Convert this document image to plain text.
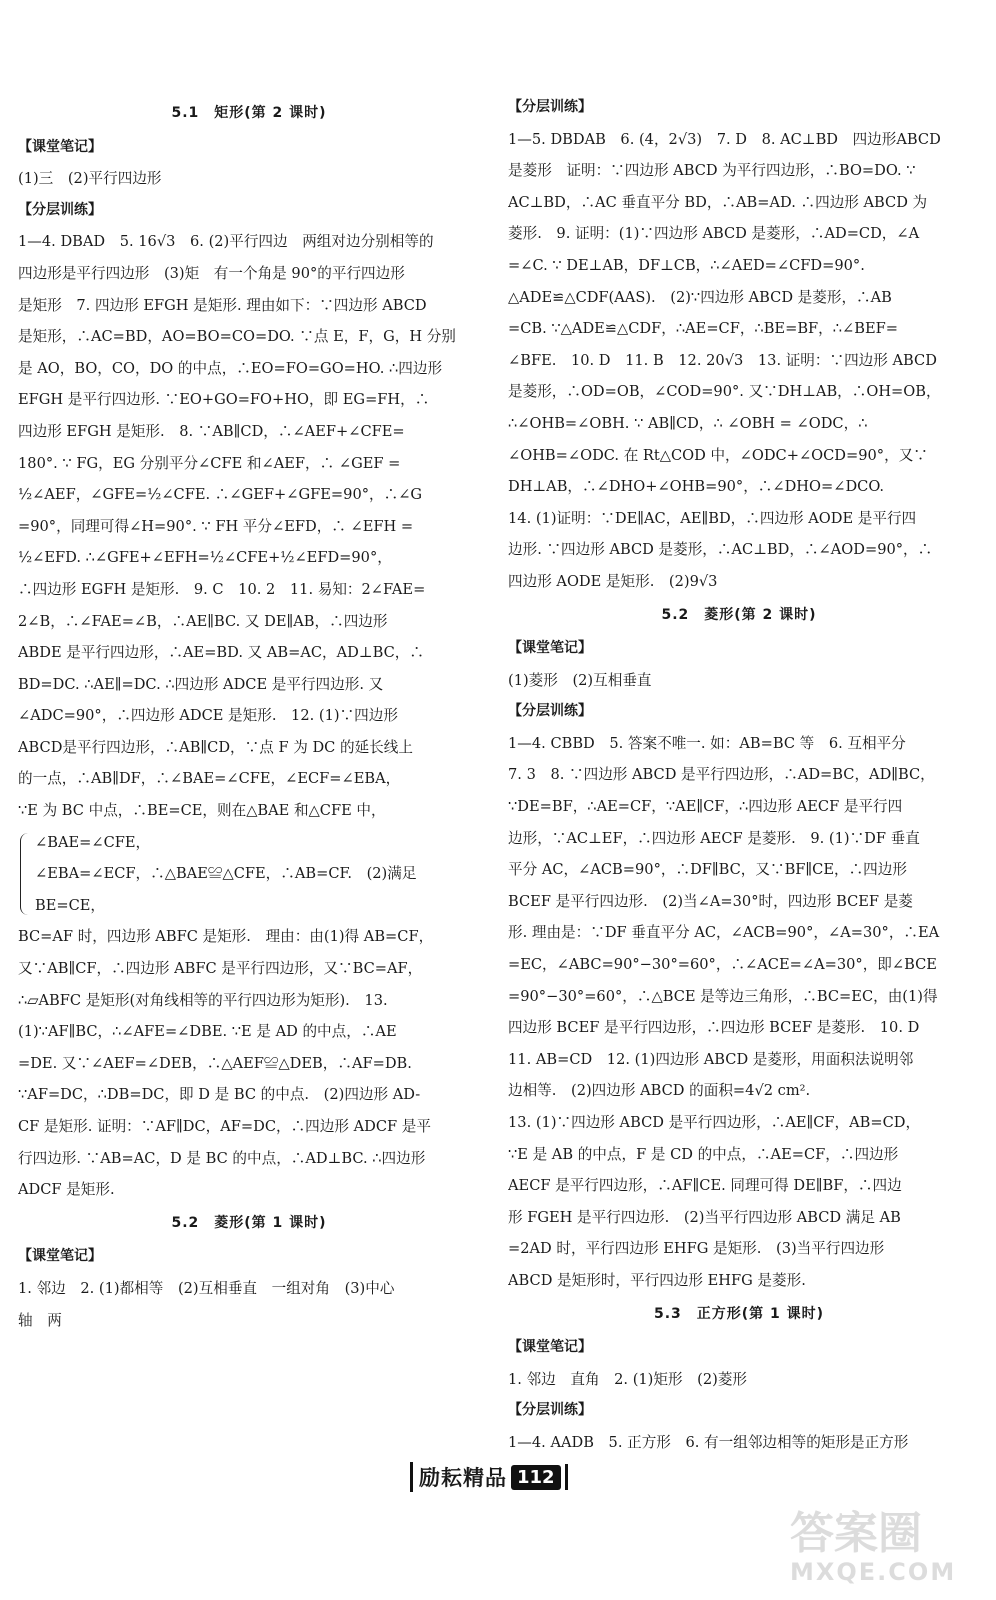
5.1　矩形(第 2 课时)
【课堂笔记】
(1)三　(2)平行四边形
【分层训练】
1—4. DBAD　5. 16√3　6. (2)平行四边　两组对边分别相等的
四边形是平行四边形　(3)矩　有一个角是 90°的平行四边形
是矩形　7. 四边形 EFGH 是矩形. 理由如下：∵四边形 ABCD
是矩形，∴AC=BD，AO=BO=CO=DO. ∵点 E，F，G，H 分别
是 AO，BO，CO，DO 的中点，∴EO=FO=GO=HO. ∴四边形
EFGH 是平行四边形. ∵EO+GO=FO+HO，即 EG=FH，∴
四边形 EFGH 是矩形.　8. ∵AB∥CD，∴∠AEF+∠CFE=
180°. ∵ FG，EG 分别平分∠CFE 和∠AEF，∴ ∠GEF =
½∠AEF，∠GFE=½∠CFE. ∴∠GEF+∠GFE=90°，∴∠G
=90°，同理可得∠H=90°. ∵ FH 平分∠EFD，∴ ∠EFH =
½∠EFD. ∴∠GFE+∠EFH=½∠CFE+½∠EFD=90°，
∴四边形 EGFH 是矩形.　9. C　10. 2　11. 易知：2∠FAE=
2∠B，∴∠FAE=∠B，∴AE∥BC. 又 DE∥AB，∴四边形
ABDE 是平行四边形，∴AE=BD. 又 AB=AC，AD⊥BC，∴
BD=DC. ∴AE∥=DC. ∴四边形 ADCE 是平行四边形. 又
∠ADC=90°，∴四边形 ADCE 是矩形.　12. (1)∵四边形
ABCD是平行四边形，∴AB∥CD，∵点 F 为 DC 的延长线上
的一点，∴AB∥DF，∴∠BAE=∠CFE，∠ECF=∠EBA，
∵E 为 BC 中点，∴BE=CE，则在△BAE 和△CFE 中，
∠BAE=∠CFE，
∠EBA=∠ECF，∴△BAE≌△CFE，∴AB=CF.　(2)满足
BE=CE，
BC=AF 时，四边形 ABFC 是矩形.　理由：由(1)得 AB=CF，
又∵AB∥CF，∴四边形 ABFC 是平行四边形，又∵BC=AF，
∴▱ABFC 是矩形(对角线相等的平行四边形为矩形).　13.
(1)∵AF∥BC，∴∠AFE=∠DBE. ∵E 是 AD 的中点，∴AE
=DE. 又∵∠AEF=∠DEB，∴△AEF≌△DEB，∴AF=DB.
∵AF=DC，∴DB=DC，即 D 是 BC 的中点.　(2)四边形 AD-
CF 是矩形. 证明：∵AF∥DC，AF=DC，∴四边形 ADCF 是平
行四边形. ∵AB=AC，D 是 BC 的中点，∴AD⊥BC. ∴四边形
ADCF 是矩形.
5.2　菱形(第 1 课时)
【课堂笔记】
1. 邻边　2. (1)都相等　(2)互相垂直　一组对角　(3)中心
轴　两
【分层训练】
1—5. DBDAB　6. (4，2√3)　7. D　8. AC⊥BD　四边形ABCD
是菱形　证明：∵四边形 ABCD 为平行四边形，∴BO=DO. ∵
AC⊥BD，∴AC 垂直平分 BD，∴AB=AD. ∴四边形 ABCD 为
菱形.　9. 证明：(1)∵四边形 ABCD 是菱形，∴AD=CD，∠A
=∠C. ∵ DE⊥AB，DF⊥CB，∴∠AED=∠CFD=90°.
△ADE≌△CDF(AAS).　(2)∵四边形 ABCD 是菱形，∴AB
=CB. ∵△ADE≌△CDF，∴AE=CF，∴BE=BF，∴∠BEF=
∠BFE.　10. D　11. B　12. 20√3　13. 证明：∵四边形 ABCD
是菱形，∴OD=OB，∠COD=90°. 又∵DH⊥AB，∴OH=OB，
∴∠OHB=∠OBH. ∵ AB∥CD，∴ ∠OBH = ∠ODC，∴
∠OHB=∠ODC. 在 Rt△COD 中，∠ODC+∠OCD=90°，又∵
DH⊥AB，∴∠DHO+∠OHB=90°，∴∠DHO=∠DCO.
14. (1)证明：∵DE∥AC，AE∥BD，∴四边形 AODE 是平行四
边形. ∵四边形 ABCD 是菱形，∴AC⊥BD，∴∠AOD=90°，∴
四边形 AODE 是矩形.　(2)9√3
5.2　菱形(第 2 课时)
【课堂笔记】
(1)菱形　(2)互相垂直
【分层训练】
1—4. CBBD　5. 答案不唯一. 如：AB=BC 等　6. 互相平分
7. 3　8. ∵四边形 ABCD 是平行四边形，∴AD=BC，AD∥BC，
∵DE=BF，∴AE=CF，∵AE∥CF，∴四边形 AECF 是平行四
边形，∵AC⊥EF，∴四边形 AECF 是菱形.　9. (1)∵DF 垂直
平分 AC，∠ACB=90°，∴DF∥BC，又∵BF∥CE，∴四边形
BCEF 是平行四边形.　(2)当∠A=30°时，四边形 BCEF 是菱
形. 理由是：∵DF 垂直平分 AC，∠ACB=90°，∠A=30°，∴EA
=EC，∠ABC=90°−30°=60°，∴∠ACE=∠A=30°，即∠BCE
=90°−30°=60°，∴△BCE 是等边三角形，∴BC=EC，由(1)得
四边形 BCEF 是平行四边形，∴四边形 BCEF 是菱形.　10. D
11. AB=CD　12. (1)四边形 ABCD 是菱形，用面积法说明邻
边相等.　(2)四边形 ABCD 的面积=4√2 cm².
13. (1)∵四边形 ABCD 是平行四边形，∴AE∥CF，AB=CD，
∵E 是 AB 的中点，F 是 CD 的中点，∴AE=CF，∴四边形
AECF 是平行四边形，∴AF∥CE. 同理可得 DE∥BF，∴四边
形 FGEH 是平行四边形.　(2)当平行四边形 ABCD 满足 AB
=2AD 时，平行四边形 EHFG 是矩形.　(3)当平行四边形
ABCD 是矩形时，平行四边形 EHFG 是菱形.
5.3　正方形(第 1 课时)
【课堂笔记】
1. 邻边　直角　2. (1)矩形　(2)菱形
【分层训练】
1—4. AADB　5. 正方形　6. 有一组邻边相等的矩形是正方形
励耘精品 112
答案圈
MXQE.COM
